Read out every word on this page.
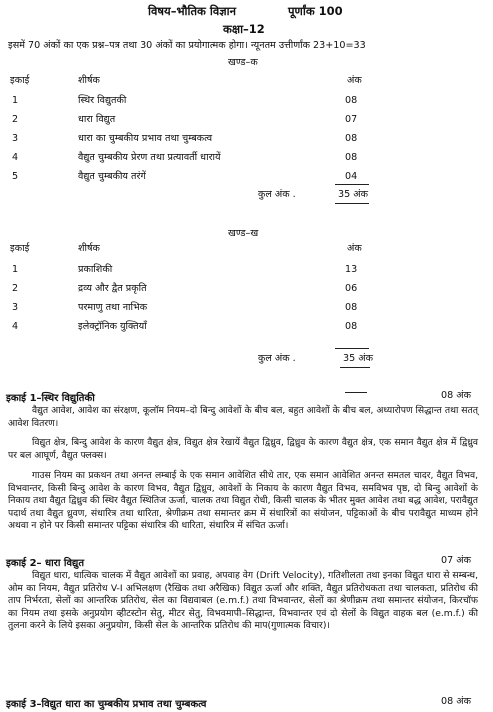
विषय–भौतिक विज्ञान	पूर्णांक 100
कक्षा–12
इसमें 70 अंकों का एक प्रश्न–पत्र तथा 30 अंकों का प्रयोगात्मक होगा। न्यूनतम उत्तीर्णांक 23+10=33
खण्ड–क
इकाई	शीर्षक	अंक
1	स्थिर विद्युतकी	08
2	धारा विद्युत	07
3	धारा का चुम्बकीय प्रभाव तथा चुम्बकत्व	08
4	वैद्युत चुम्बकीय प्रेरण तथा प्रत्यावर्ती धारायें	08
5	वैद्युत चुम्बकीय तरंगें	04
कुल अंक .	35 अंक
खण्ड–ख
इकाई	शीर्षक	अंक
1	प्रकाशिकी	13
2	द्रव्य और द्वैत प्रकृति	06
3	परमाणु तथा नाभिक	08
4	इलेक्ट्रॉनिक युक्तियाँ	08
कुल अंक .	35 अंक
इकाई 1–स्थिर विद्युतिकी	08 अंक
वैद्युत आवेश, आवेश का संरक्षण, कूलॉम नियम–दो बिन्दु आवेशों के बीच बल, बहुत आवेशों के बीच बल, अध्यारोपण सिद्धान्त तथा सतत् आवेश वितरण।
विद्युत क्षेत्र, बिन्दु आवेश के कारण वैद्युत क्षेत्र, विद्युत क्षेत्र रेखायें वैद्युत द्विध्रुव, द्विध्रुव के कारण वैद्युत क्षेत्र, एक समान वैद्युत क्षेत्र में द्विध्रुव पर बल आघूर्ण, वैद्युत फ्लक्स।
गाउस नियम का प्रकथन तथा अनन्त लम्बाई के एक समान आवेशित सीधे तार, एक समान आवेशित अनन्त समतल चादर, वैद्युत विभव, विभवान्तर, किसी बिन्दु आवेश के कारण विभव, वैद्युत द्विध्रुव, आवेशों के निकाय के कारण वैद्युत विभव, समविभव पृष्ठ, दो बिन्दु आवेशों के निकाय तथा वैद्युत द्विध्रुव की स्थिर वैद्युत स्थितिज ऊर्जा, चालक तथा विद्युत रोधी, किसी चालक के भीतर मुक्त आवेश तथा बद्ध आवेश, परावैद्युत पदार्थ तथा वैद्युत ध्रुवण, संधारित्र तथा धारिता, श्रेणीक्रम तथा समान्तर क्रम में संधारित्रों का संयोजन, पट्टिकाओं के बीच परावैद्युत माध्यम होने अथवा न होने पर किसी समान्तर पट्टिका संधारित्र की धारिता, संधारित्र में संचित ऊर्जा।
इकाई 2– धारा विद्युत	07 अंक
विद्युत धारा, धात्विक चालक में वैद्युत आवेशों का प्रवाह, अपवाह वेग (Drift Velocity), गतिशीलता तथा इनका विद्युत धारा से सम्बन्ध, ओम का नियम, वैद्युत प्रतिरोध V-I अभिलक्षण (रैखिक तथा अरैखिक) विद्युत ऊर्जा और शक्ति, वैद्युत प्रतिरोधकता तथा चालकता, प्रतिरोध की ताप निर्भरता, सेलों का आन्तरिक प्रतिरोध, सेल का विद्यवाबल (e.m.f.) तथा विभवान्तर, सेलों का श्रेणीक्रम तथा समान्तर संयोजन, किरचॉफ का नियम तथा इसके अनुप्रयोग व्हीटस्टोन सेतु, मीटर सेतु, विभवमापी–सिद्धान्त, विभवान्तर एवं दो सेलों के विद्युत वाहक बल (e.m.f.) की तुलना करने के लिये इसका अनुप्रयोग, किसी सेल के आन्तरिक प्रतिरोध की माप(गुणात्मक विचार)।
इकाई 3–विद्युत धारा का चुम्बकीय प्रभाव तथा चुम्बकत्व	08 अंक
